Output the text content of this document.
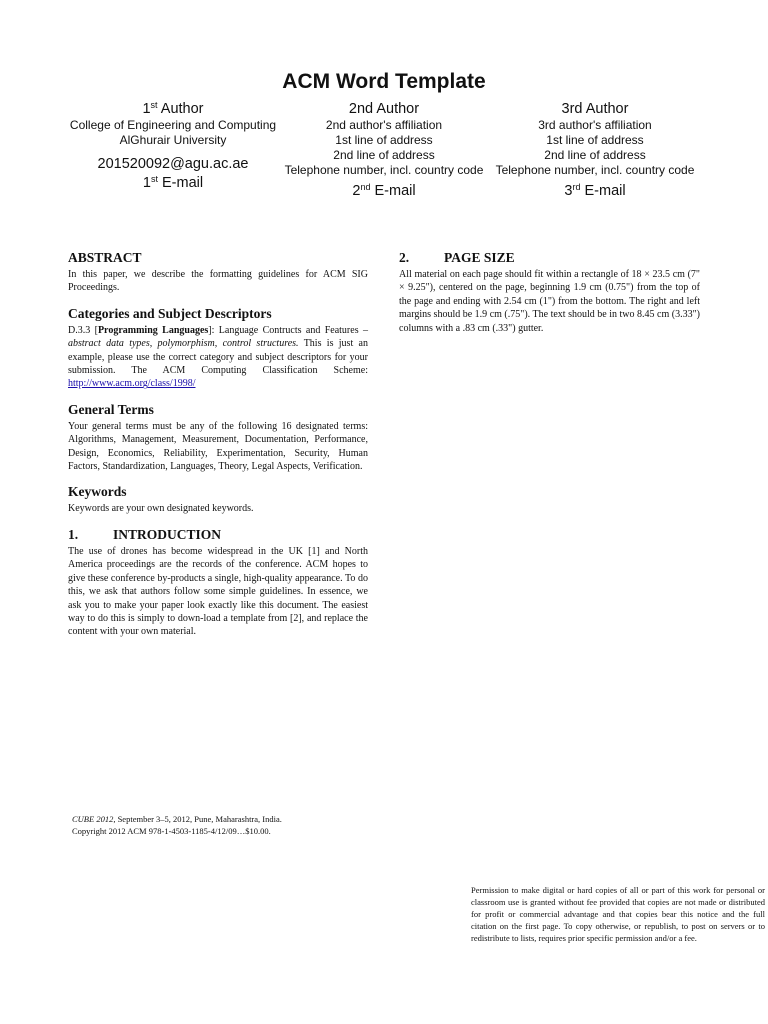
ACM Word Template
1st Author
College of Engineering and Computing
AlGhurair University
201520092@agu.ac.ae
1st E-mail
2nd Author
2nd author's affiliation
1st line of address
2nd line of address
Telephone number, incl. country code
2nd E-mail
3rd Author
3rd author's affiliation
1st line of address
2nd line of address
Telephone number, incl. country code
3rd E-mail
ABSTRACT

In this paper, we describe the formatting guidelines for ACM SIG Proceedings.

Categories and Subject Descriptors

D.3.3 [Programming Languages]: Language Contructs and Features – abstract data types, polymorphism, control structures. This is just an example, please use the correct category and subject descriptors for your submission. The ACM Computing Classification Scheme: http://www.acm.org/class/1998/

General Terms

Your general terms must be any of the following 16 designated terms: Algorithms, Management, Measurement, Documentation, Performance, Design, Economics, Reliability, Experimentation, Security, Human Factors, Standardization, Languages, Theory, Legal Aspects, Verification.

Keywords

Keywords are your own designated keywords.

1.	INTRODUCTION

The use of drones has become widespread in the UK [1] and North America proceedings are the records of the conference. ACM hopes to give these conference by-products a single, high-quality appearance. To do this, we ask that authors follow some simple guidelines. In essence, we ask you to make your paper look exactly like this document. The easiest way to do this is simply to down-load a template from [2], and replace the content with your own material.

2.	PAGE SIZE

All material on each page should fit within a rectangle of 18 × 23.5 cm (7" × 9.25"), centered on the page, beginning 1.9 cm (0.75") from the top of the page and ending with 2.54 cm (1") from the bottom. The right and left margins should be 1.9 cm (.75"). The text should be in two 8.45 cm (3.33") columns with a .83 cm (.33") gutter.

CUBE 2012, September 3–5, 2012, Pune, Maharashtra, India.
Copyright 2012 ACM 978-1-4503-1185-4/12/09…$10.00.
Permission to make digital or hard copies of all or part of this work for personal or classroom use is granted without fee provided that copies are not made or distributed for profit or commercial advantage and that copies bear this notice and the full citation on the first page. To copy otherwise, or republish, to post on servers or to redistribute to lists, requires prior specific permission and/or a fee.
